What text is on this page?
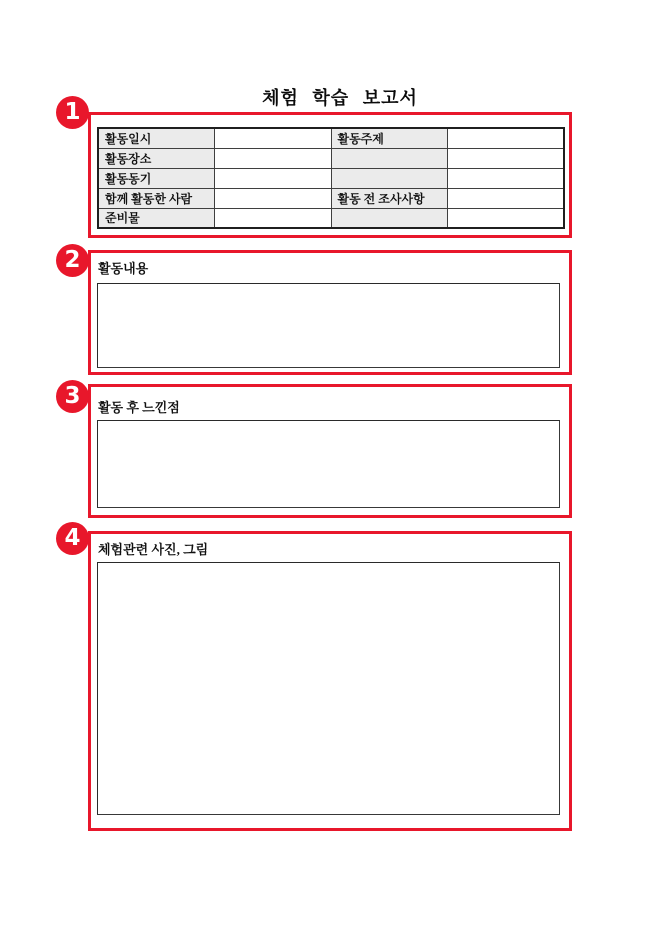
체험 학습 보고서
활동일시		활동주제	
활동장소			
활동동기			
함께 활동한 사람		활동 전 조사사항	
준비물			
활동내용
활동 후 느낀점
체험관련 사진, 그림
1
2
3
4
